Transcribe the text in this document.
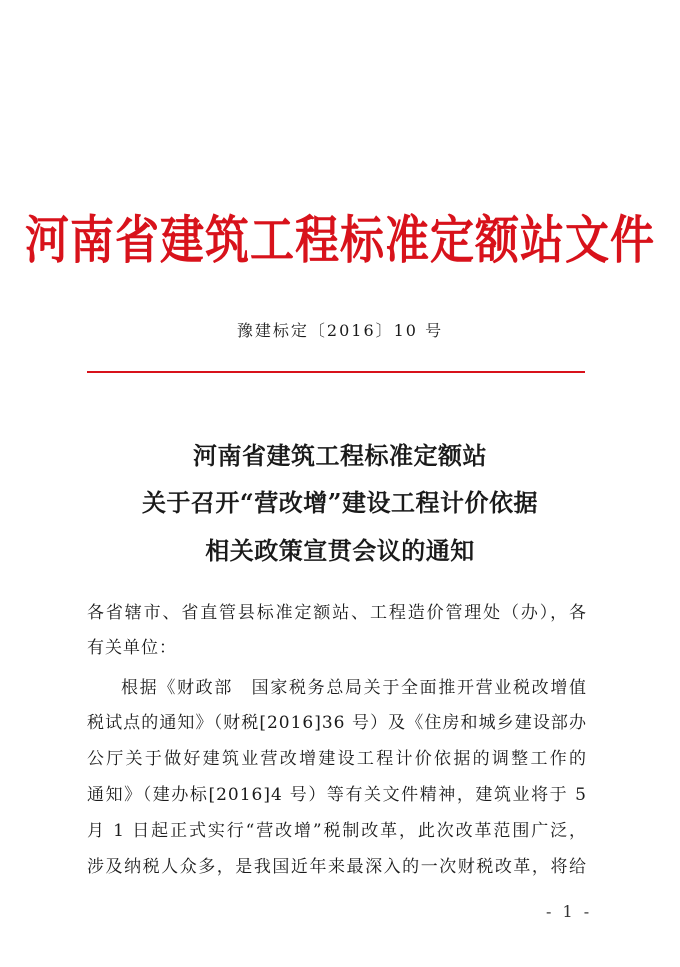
河南省建筑工程标准定额站文件
豫建标定〔2016〕10 号
河南省建筑工程标准定额站
关于召开“营改增”建设工程计价依据
相关政策宣贯会议的通知
各省辖市、省直管县标准定额站、工程造价管理处（办），各
有关单位：
根据《财政部　国家税务总局关于全面推开营业税改增值
税试点的通知》（财税[2016]36 号）及《住房和城乡建设部办
公厅关于做好建筑业营改增建设工程计价依据的调整工作的
通知》（建办标[2016]4 号）等有关文件精神，建筑业将于 5
月 1 日起正式实行“营改增”税制改革，此次改革范围广泛，
涉及纳税人众多，是我国近年来最深入的一次财税改革，将给
- 1 -
